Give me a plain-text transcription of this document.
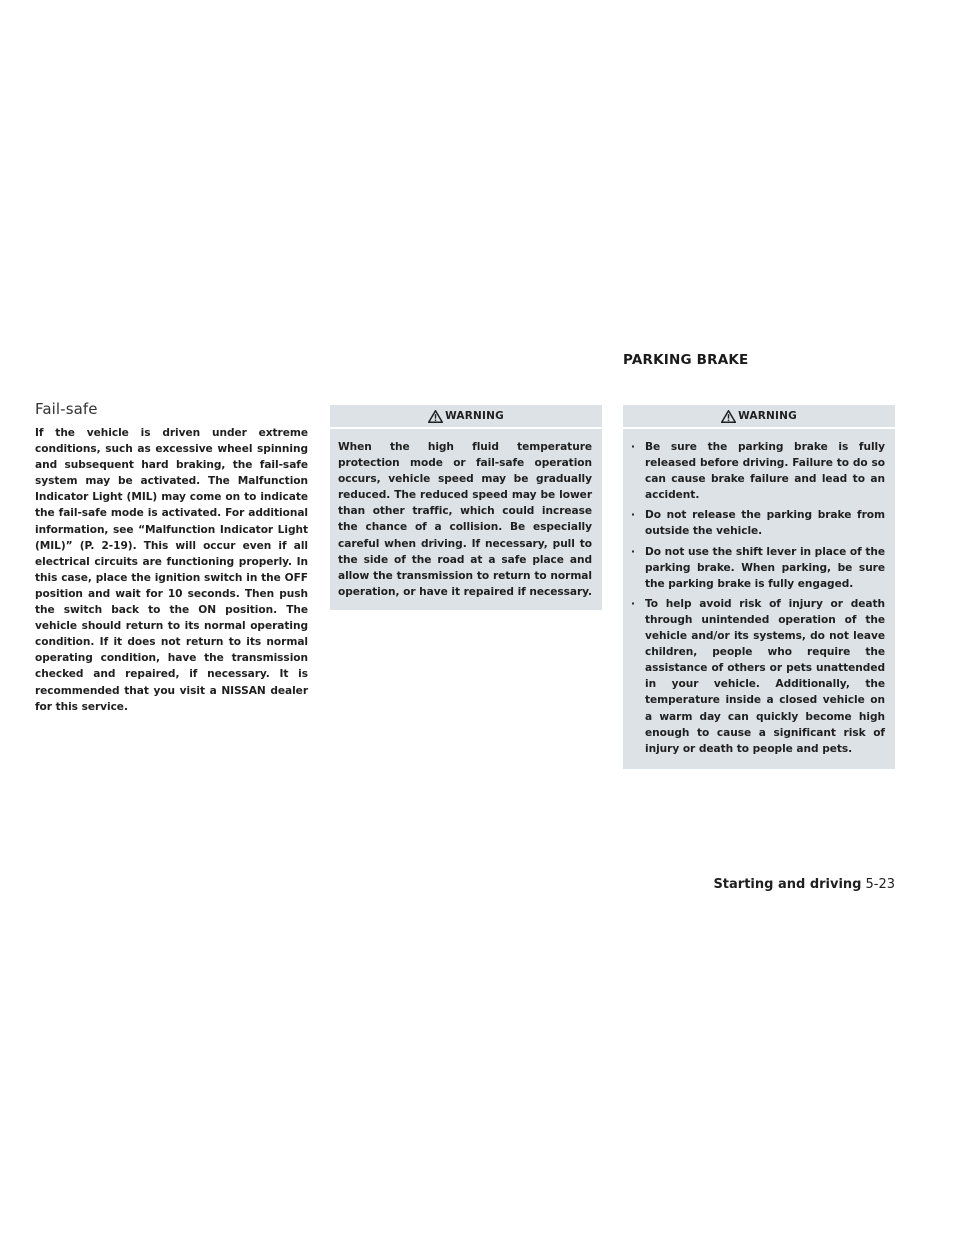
PARKING BRAKE
Fail-safe

If the vehicle is driven under extreme conditions, such as excessive wheel spinning and subsequent hard braking, the fail-safe system may be activated. The Malfunction Indicator Light (MIL) may come on to indicate the fail-safe mode is activated. For additional information, see “Malfunction Indicator Light (MIL)” (P. 2-19). This will occur even if all electrical circuits are functioning properly. In this case, place the ignition switch in the OFF position and wait for 10 seconds. Then push the switch back to the ON position. The vehicle should return to its normal operating condition. If it does not return to its normal operating condition, have the transmission checked and repaired, if necessary. It is recommended that you visit a NISSAN dealer for this service.

WARNING

When the high fluid temperature protection mode or fail-safe operation occurs, vehicle speed may be gradually reduced. The reduced speed may be lower than other traffic, which could increase the chance of a collision. Be especially careful when driving. If necessary, pull to the side of the road at a safe place and allow the transmission to return to normal operation, or have it repaired if necessary.

WARNING
· Be sure the parking brake is fully released before driving. Failure to do so can cause brake failure and lead to an accident.
· Do not release the parking brake from outside the vehicle.
· Do not use the shift lever in place of the parking brake. When parking, be sure the parking brake is fully engaged.
· To help avoid risk of injury or death through unintended operation of the vehicle and/or its systems, do not leave children, people who require the assistance of others or pets unattended in your vehicle. Additionally, the temperature inside a closed vehicle on a warm day can quickly become high enough to cause a significant risk of injury or death to people and pets.
Starting and driving 5-23
